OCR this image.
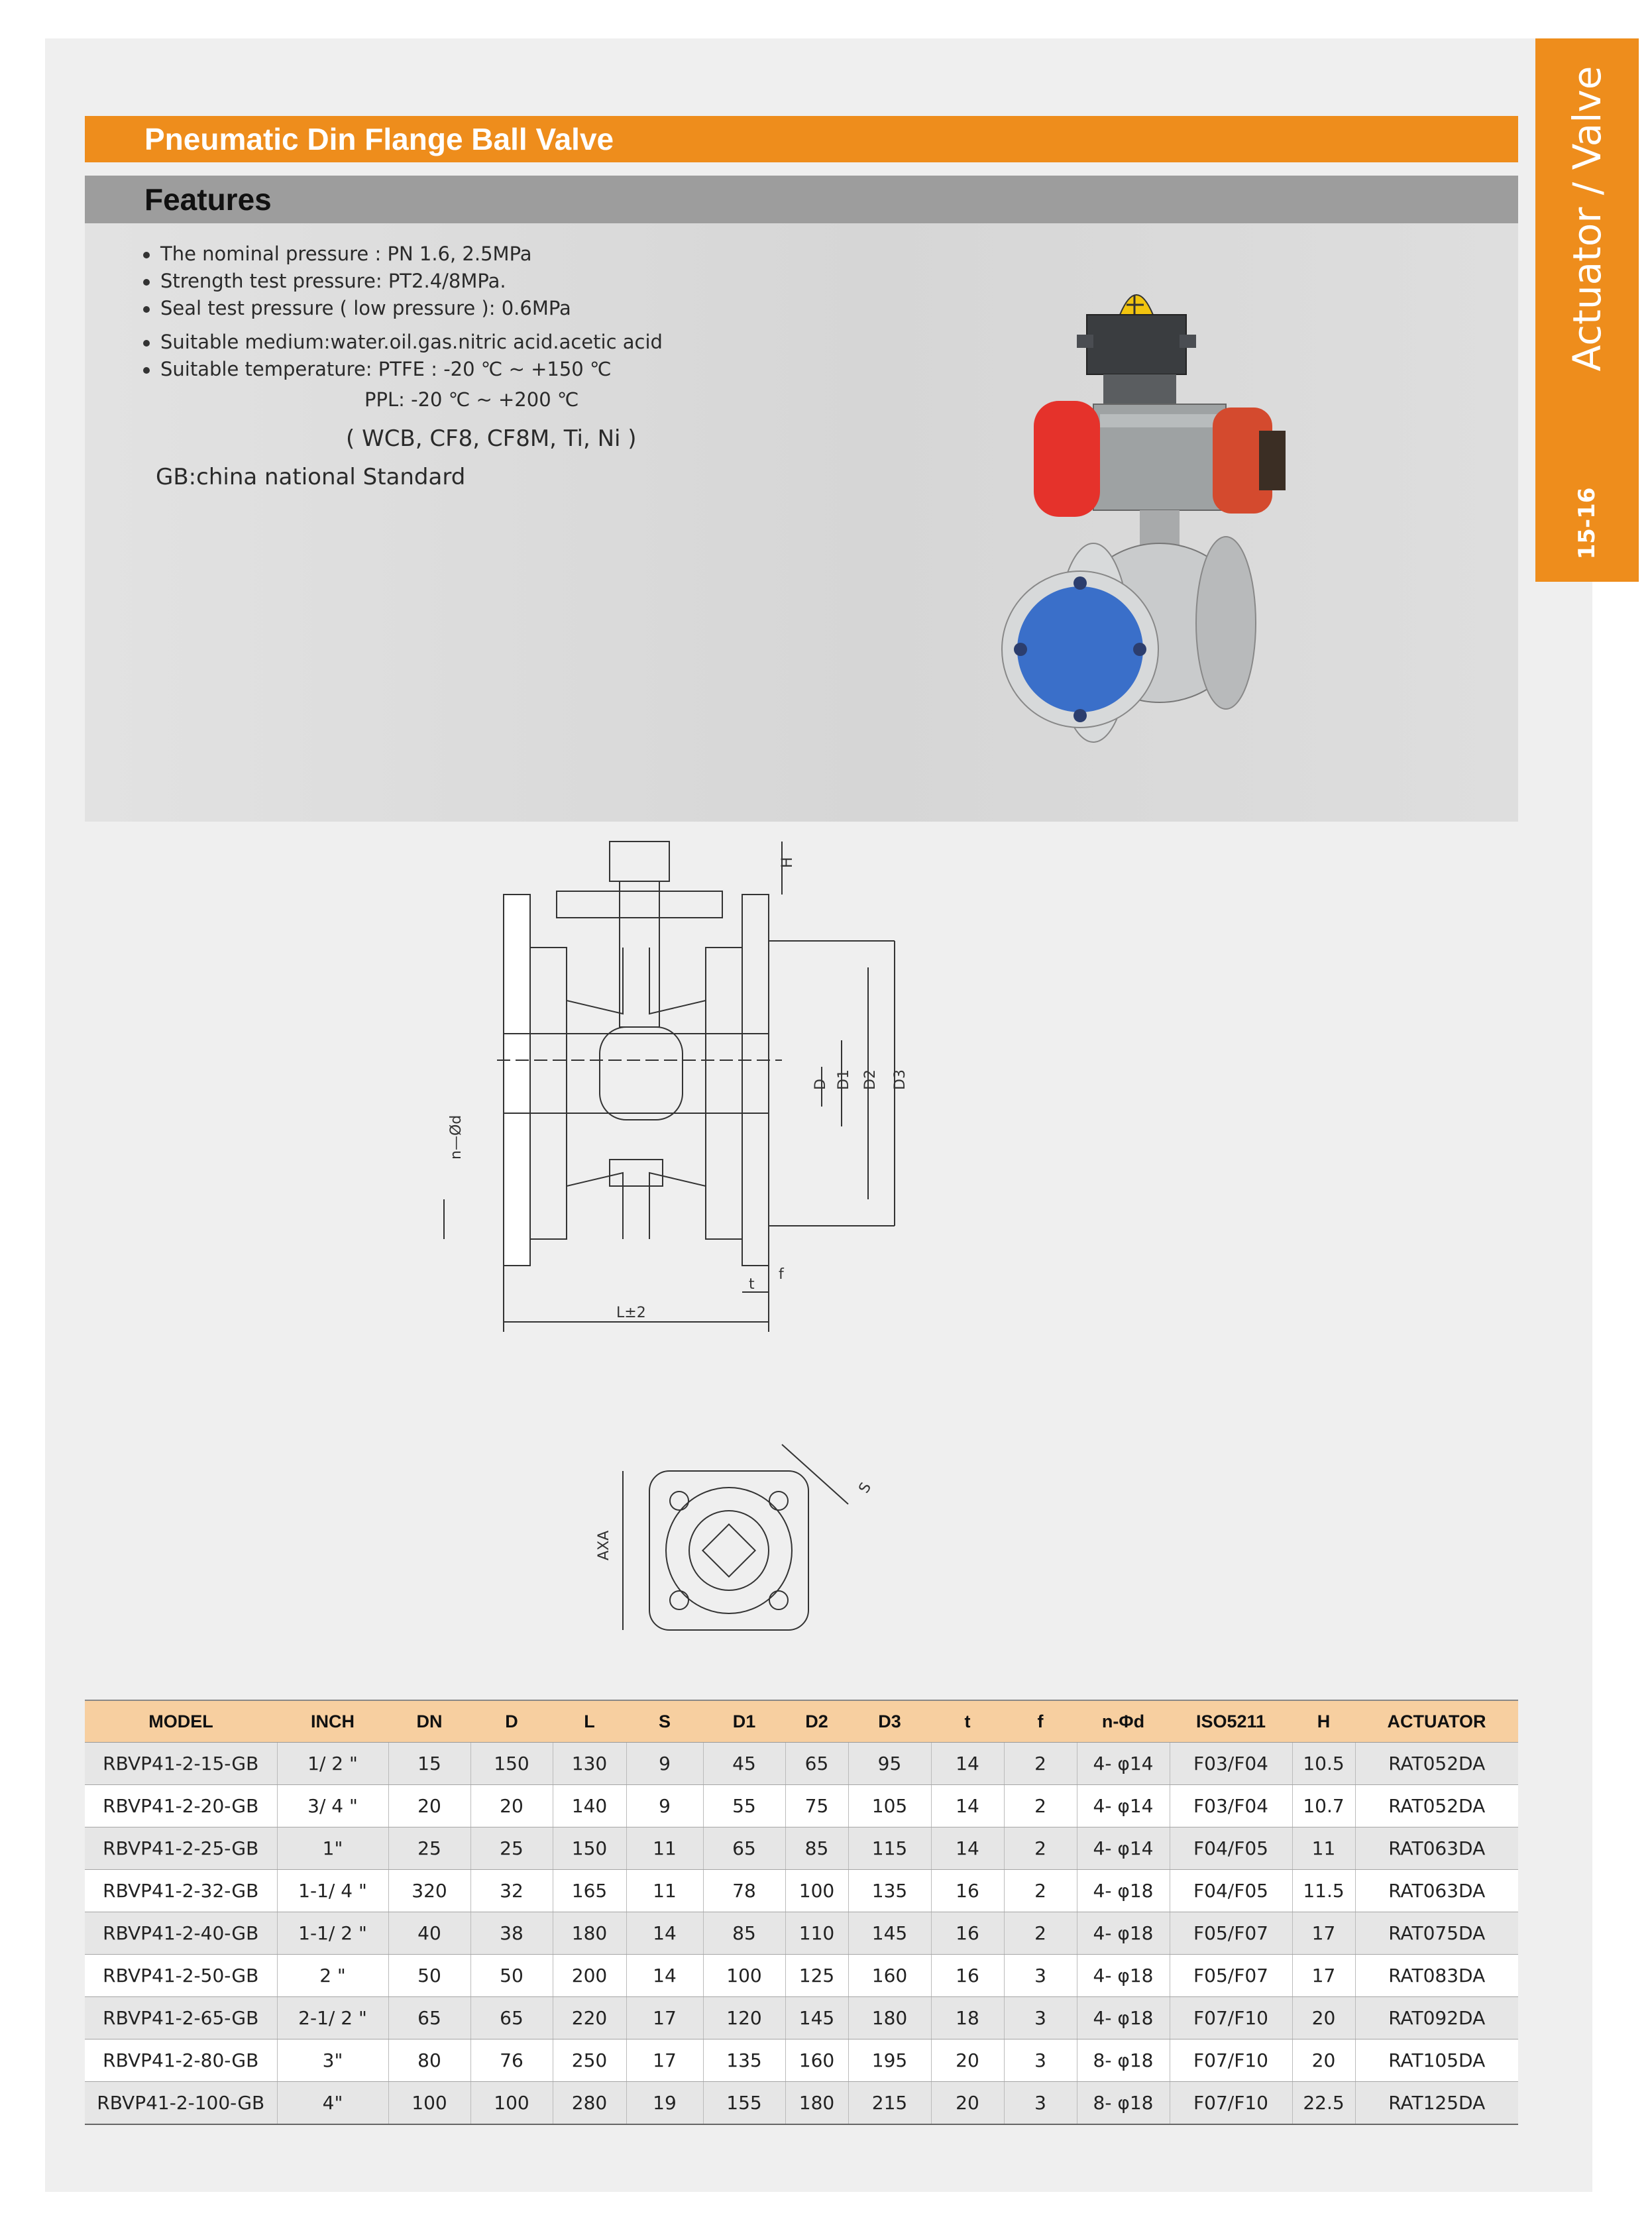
Actuator / Valve
15-16
Pneumatic Din Flange Ball Valve
Features
The nominal pressure : PN 1.6, 2.5MPa
Strength test pressure: PT2.4/8MPa.
Seal test pressure ( low pressure ): 0.6MPa
Suitable medium:water.oil.gas.nitric acid.acetic acid
Suitable temperature: PTFE : -20 ℃ ~ +150 ℃
PPL: -20 ℃ ~ +200 ℃
( WCB, CF8, CF8M, Ti, Ni )
GB:china national Standard
H
D D1 D2 D3
n—Ød
t
f
L±2
AXA
S
MODEL	INCH	DN	D	L	S	D1	D2	D3	t	f	n-Φd	ISO5211	H	ACTUATOR
RBVP41-2-15-GB	1/ 2 "	15	150	130	9	45	65	95	14	2	4- φ14	F03/F04	10.5	RAT052DA
RBVP41-2-20-GB	3/ 4 "	20	20	140	9	55	75	105	14	2	4- φ14	F03/F04	10.7	RAT052DA
RBVP41-2-25-GB	1"	25	25	150	11	65	85	115	14	2	4- φ14	F04/F05	11	RAT063DA
RBVP41-2-32-GB	1-1/ 4 "	320	32	165	11	78	100	135	16	2	4- φ18	F04/F05	11.5	RAT063DA
RBVP41-2-40-GB	1-1/ 2 "	40	38	180	14	85	110	145	16	2	4- φ18	F05/F07	17	RAT075DA
RBVP41-2-50-GB	2 "	50	50	200	14	100	125	160	16	3	4- φ18	F05/F07	17	RAT083DA
RBVP41-2-65-GB	2-1/ 2 "	65	65	220	17	120	145	180	18	3	4- φ18	F07/F10	20	RAT092DA
RBVP41-2-80-GB	3"	80	76	250	17	135	160	195	20	3	8- φ18	F07/F10	20	RAT105DA
RBVP41-2-100-GB	4"	100	100	280	19	155	180	215	20	3	8- φ18	F07/F10	22.5	RAT125DA
